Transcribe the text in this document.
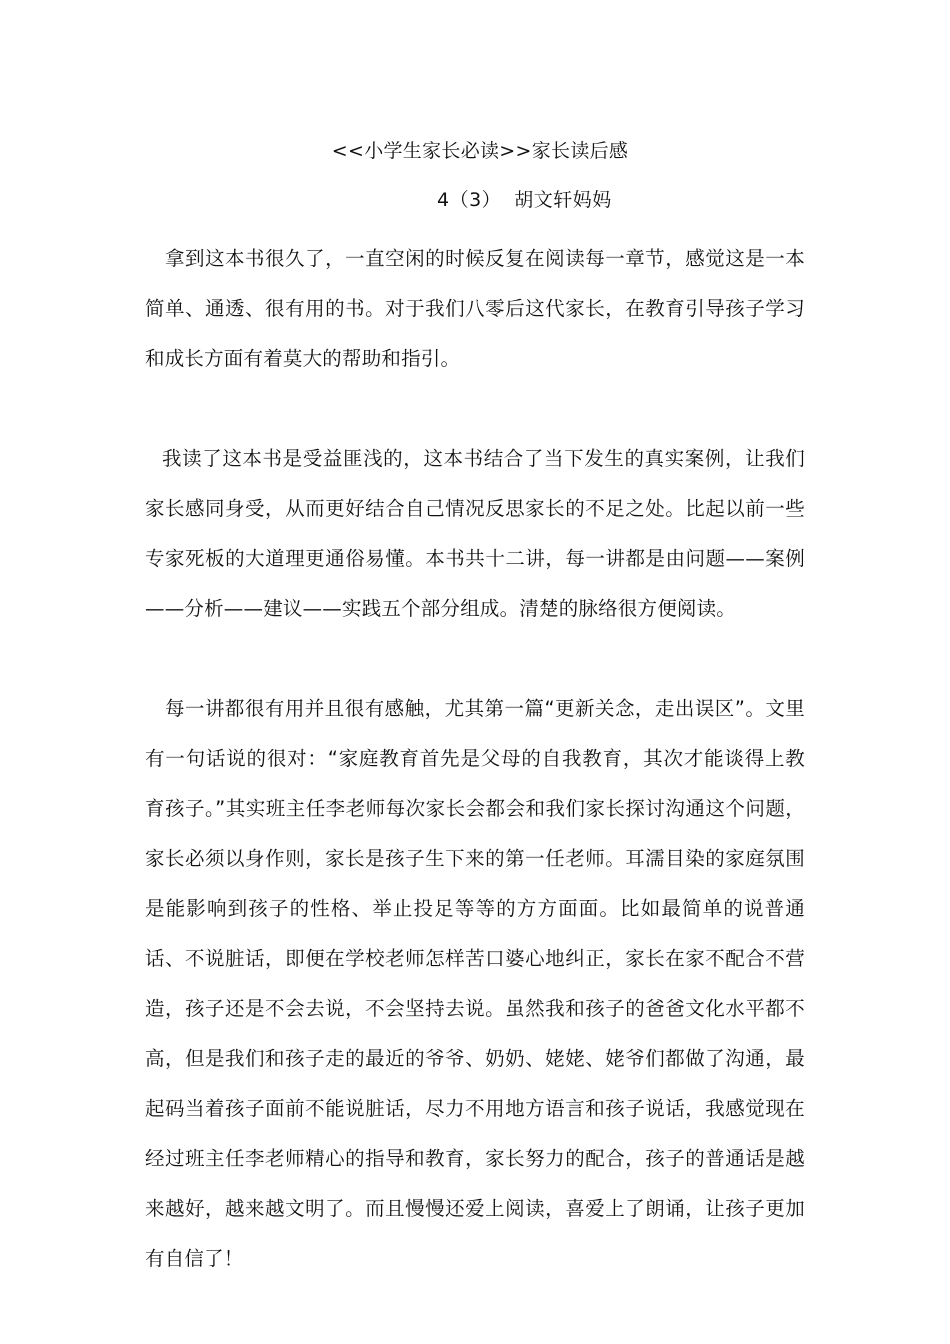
<<小学生家长必读>>家长读后感
4（3）  胡文轩妈妈

拿到这本书很久了，一直空闲的时候反复在阅读每一章节，感觉这是一本简单、通透、很有用的书。对于我们八零后这代家长，在教育引导孩子学习和成长方面有着莫大的帮助和指引。

我读了这本书是受益匪浅的，这本书结合了当下发生的真实案例，让我们家长感同身受，从而更好结合自己情况反思家长的不足之处。比起以前一些专家死板的大道理更通俗易懂。本书共十二讲，每一讲都是由问题——案例——分析——建议——实践五个部分组成。清楚的脉络很方便阅读。

每一讲都很有用并且很有感触，尤其第一篇“更新关念，走出误区”。文里有一句话说的很对：“家庭教育首先是父母的自我教育，其次才能谈得上教育孩子。”其实班主任李老师每次家长会都会和我们家长探讨沟通这个问题，家长必须以身作则，家长是孩子生下来的第一任老师。耳濡目染的家庭氛围是能影响到孩子的性格、举止投足等等的方方面面。比如最简单的说普通话、不说脏话，即便在学校老师怎样苦口婆心地纠正，家长在家不配合不营造，孩子还是不会去说，不会坚持去说。虽然我和孩子的爸爸文化水平都不高，但是我们和孩子走的最近的爷爷、奶奶、姥姥、姥爷们都做了沟通，最起码当着孩子面前不能说脏话，尽力不用地方语言和孩子说话，我感觉现在经过班主任李老师精心的指导和教育，家长努力的配合，孩子的普通话是越来越好，越来越文明了。而且慢慢还爱上阅读，喜爱上了朗诵，让孩子更加有自信了！
